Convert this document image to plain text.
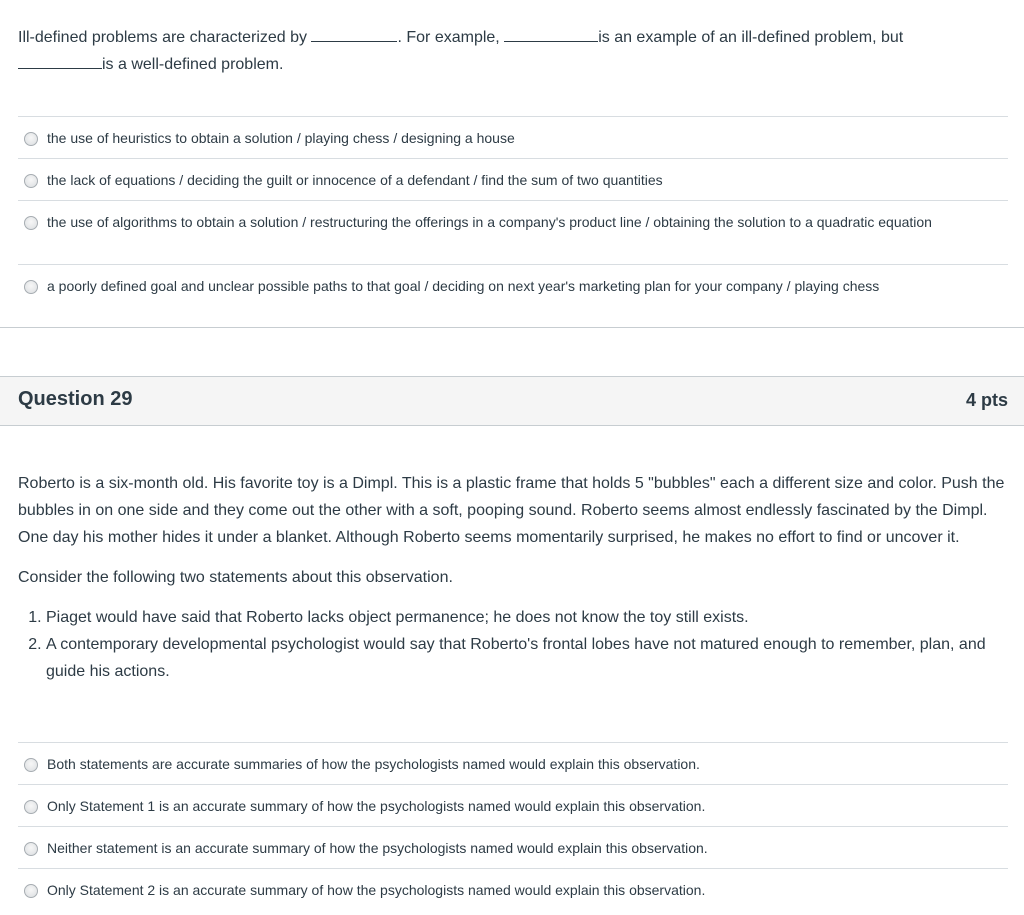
Ill-defined problems are characterized by	. For example,	is an example of an ill-defined problem, but
is a well-defined problem.
the use of heuristics to obtain a solution / playing chess / designing a house
the lack of equations / deciding the guilt or innocence of a defendant / find the sum of two quantities
the use of algorithms to obtain a solution / restructuring the offerings in a company's product line / obtaining the solution to a quadratic equation
a poorly defined goal and unclear possible paths to that goal / deciding on next year's marketing plan for your company / playing chess
Question 29	4 pts

Roberto is a six-month old. His favorite toy is a Dimpl. This is a plastic frame that holds 5 "bubbles" each a different size and color. Push the bubbles in on one side and they come out the other with a soft, pooping sound. Roberto seems almost endlessly fascinated by the Dimpl. One day his mother hides it under a blanket. Although Roberto seems momentarily surprised, he makes no effort to find or uncover it.

Consider the following two statements about this observation.

1. Piaget would have said that Roberto lacks object permanence; he does not know the toy still exists.
2. A contemporary developmental psychologist would say that Roberto's frontal lobes have not matured enough to remember, plan, and guide his actions.
Both statements are accurate summaries of how the psychologists named would explain this observation.
Only Statement 1 is an accurate summary of how the psychologists named would explain this observation.
Neither statement is an accurate summary of how the psychologists named would explain this observation.
Only Statement 2 is an accurate summary of how the psychologists named would explain this observation.
